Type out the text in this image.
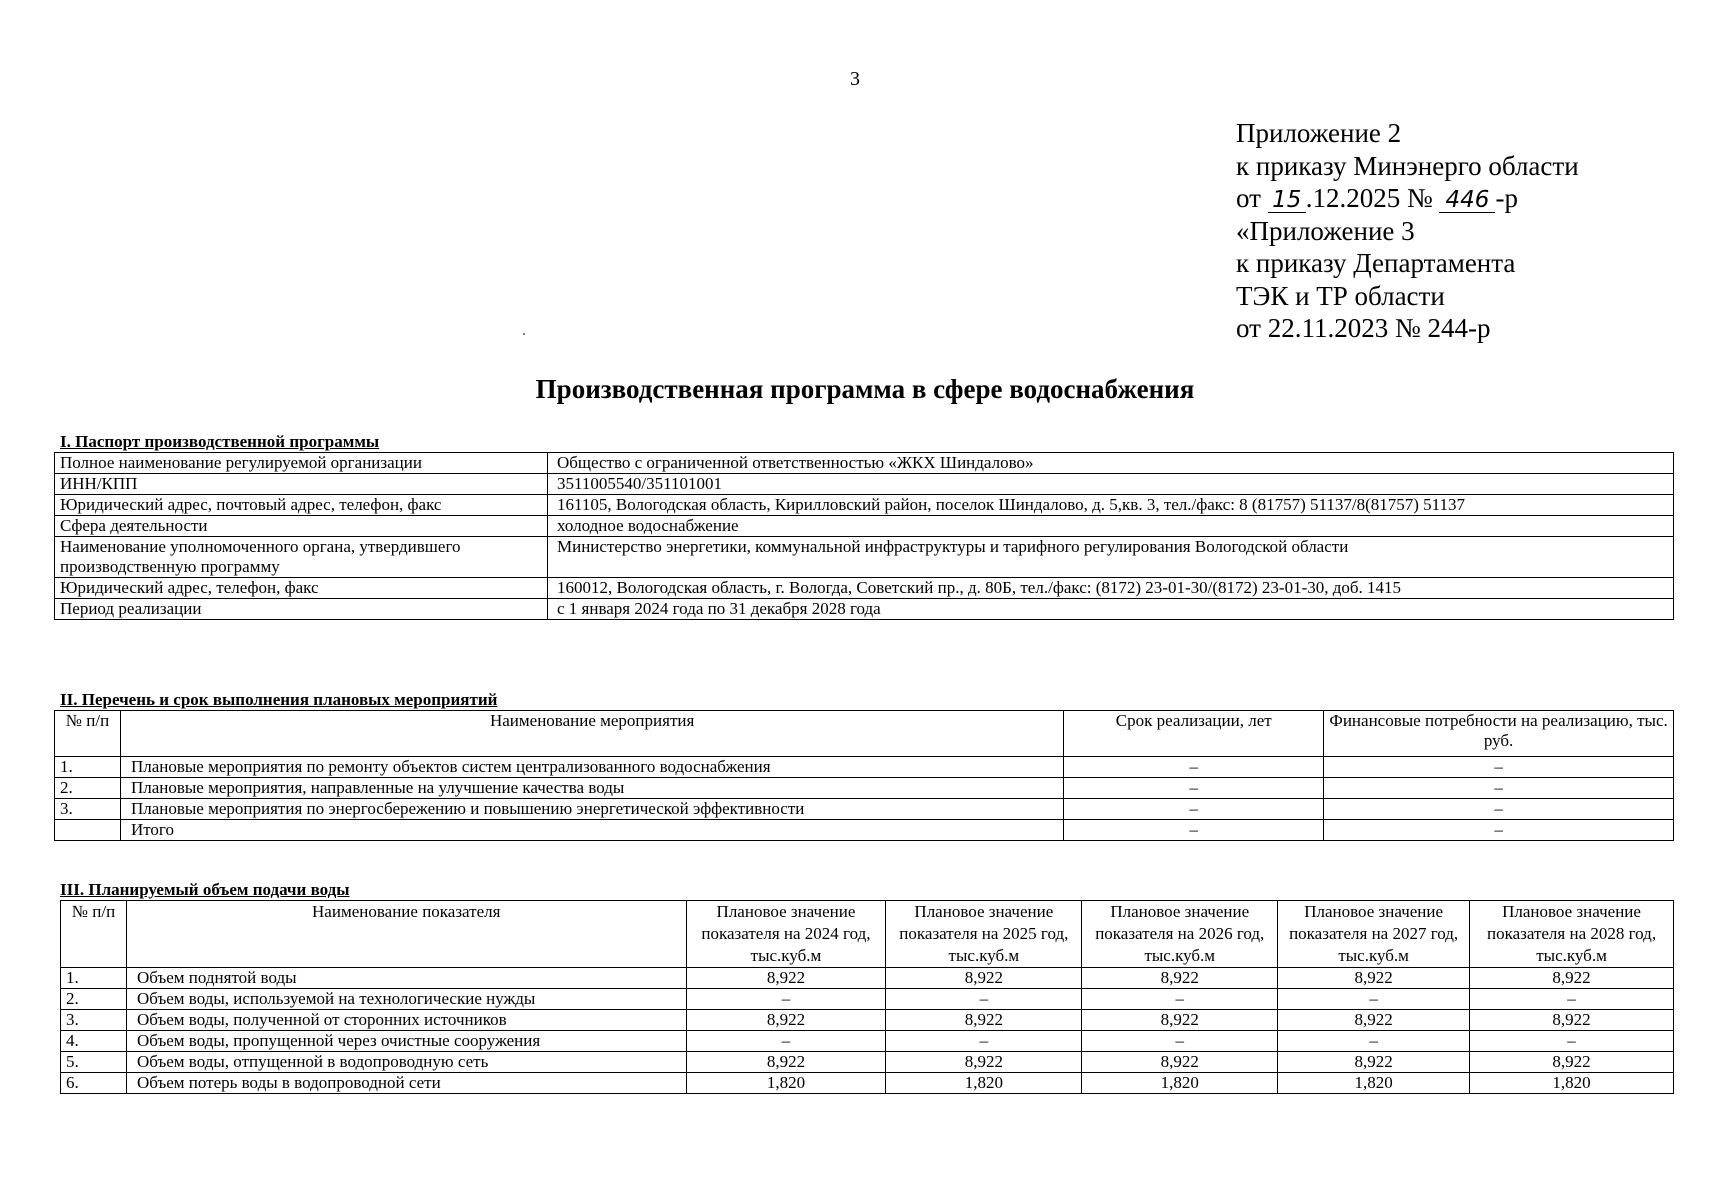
3
Приложение 2
к приказу Минэнерго области
от 15 .12.2025 № 446 -р
«Приложение 3
к приказу Департамента
ТЭК и ТР области
от 22.11.2023 № 244-р
Производственная программа в сфере водоснабжения
I. Паспорт производственной программы
Полное наименование регулируемой организации	Общество с ограниченной ответственностью «ЖКХ Шиндалово»
ИНН/КПП	3511005540/351101001
Юридический адрес, почтовый адрес, телефон, факс	161105, Вологодская область, Кирилловский район, поселок Шиндалово, д. 5,кв. 3, тел./факс: 8 (81757) 51137/8(81757) 51137
Сфера деятельности	холодное водоснабжение
Наименование уполномоченного органа, утвердившего производственную программу	Министерство энергетики, коммунальной инфраструктуры и тарифного регулирования Вологодской области
Юридический адрес, телефон, факс	160012, Вологодская область, г. Вологда, Советский пр., д. 80Б, тел./факс: (8172) 23-01-30/(8172) 23-01-30, доб. 1415
Период реализации	с 1 января 2024 года по 31 декабря 2028 года
II. Перечень и срок выполнения плановых мероприятий
№ п/п	Наименование мероприятия	Срок реализации, лет	Финансовые потребности на реализацию, тыс. руб.
1.	Плановые мероприятия по ремонту объектов систем централизованного водоснабжения	–	–
2.	Плановые мероприятия, направленные на улучшение качества воды	–	–
3.	Плановые мероприятия по энергосбережению и повышению энергетической эффективности	–	–
	Итого	–	–
III. Планируемый объем подачи воды
№ п/п	Наименование показателя	Плановое значение показателя на 2024 год, тыс.куб.м	Плановое значение показателя на 2025 год, тыс.куб.м	Плановое значение показателя на 2026 год, тыс.куб.м	Плановое значение показателя на 2027 год, тыс.куб.м	Плановое значение показателя на 2028 год, тыс.куб.м
1.	Объем поднятой воды	8,922	8,922	8,922	8,922	8,922
2.	Объем воды, используемой на технологические нужды	–	–	–	–	–
3.	Объем воды, полученной от сторонних источников	8,922	8,922	8,922	8,922	8,922
4.	Объем воды, пропущенной через очистные сооружения	–	–	–	–	–
5.	Объем воды, отпущенной в водопроводную сеть	8,922	8,922	8,922	8,922	8,922
6.	Объем потерь воды в водопроводной сети	1,820	1,820	1,820	1,820	1,820
